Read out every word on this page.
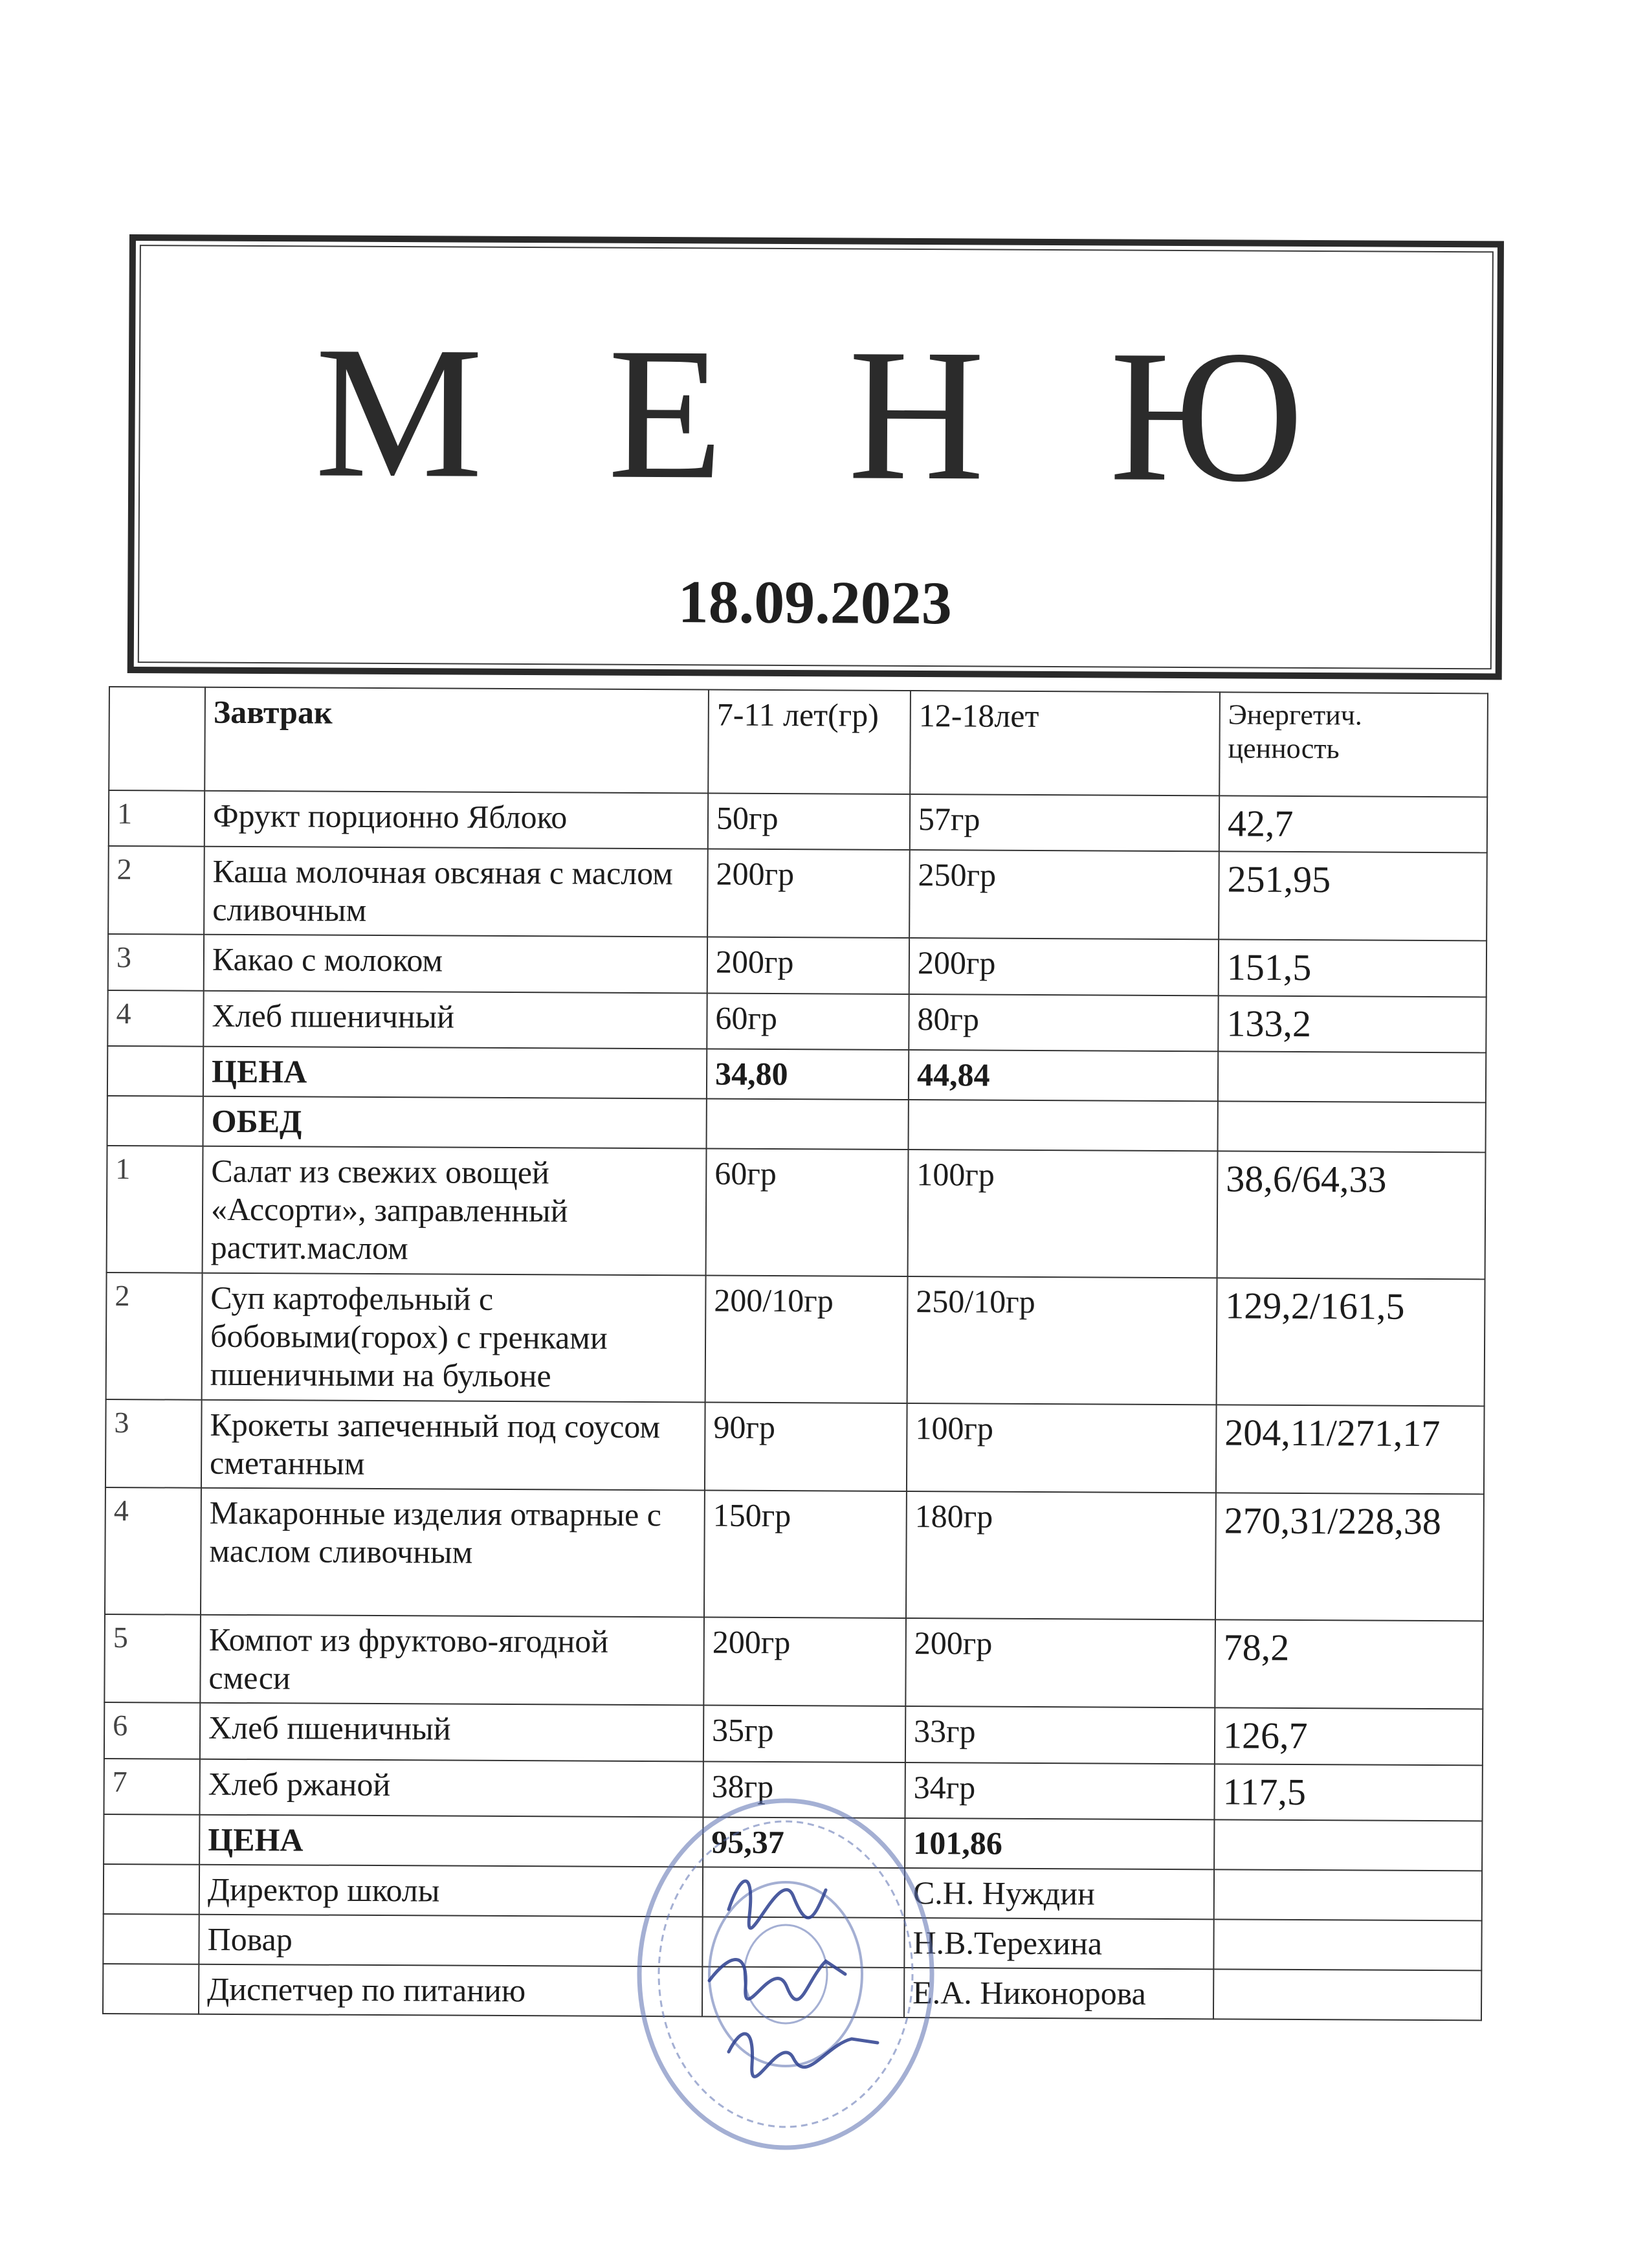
М Е Н Ю
18.09.2023
	Завтрак	7-11 лет(гр)	12-18лет	Энергетич. ценность
1	Фрукт порционно Яблоко	50гр	57гр	42,7
2	Каша молочная овсяная с маслом сливочным	200гр	250гр	251,95
3	Какао с молоком	200гр	200гр	151,5
4	Хлеб пшеничный	60гр	80гр	133,2
	ЦЕНА	34,80	44,84	
	ОБЕД			
1	Салат из свежих овощей «Ассорти», заправленный растит.маслом	60гр	100гр	38,6/64,33
2	Суп картофельный с бобовыми(горох) с гренками пшеничными на бульоне	200/10гр	250/10гр	129,2/161,5
3	Крокеты запеченный под соусом сметанным	90гр	100гр	204,11/271,17
4	Макаронные изделия отварные с маслом сливочным	150гр	180гр	270,31/228,38
5	Компот из фруктово-ягодной смеси	200гр	200гр	78,2
6	Хлеб пшеничный	35гр	33гр	126,7
7	Хлеб ржаной	38гр	34гр	117,5
	ЦЕНА	95,37	101,86	
	Директор школы		С.Н. Нуждин	
	Повар		Н.В.Терехина	
	Диспетчер по питанию		Е.А. Никонорова	
